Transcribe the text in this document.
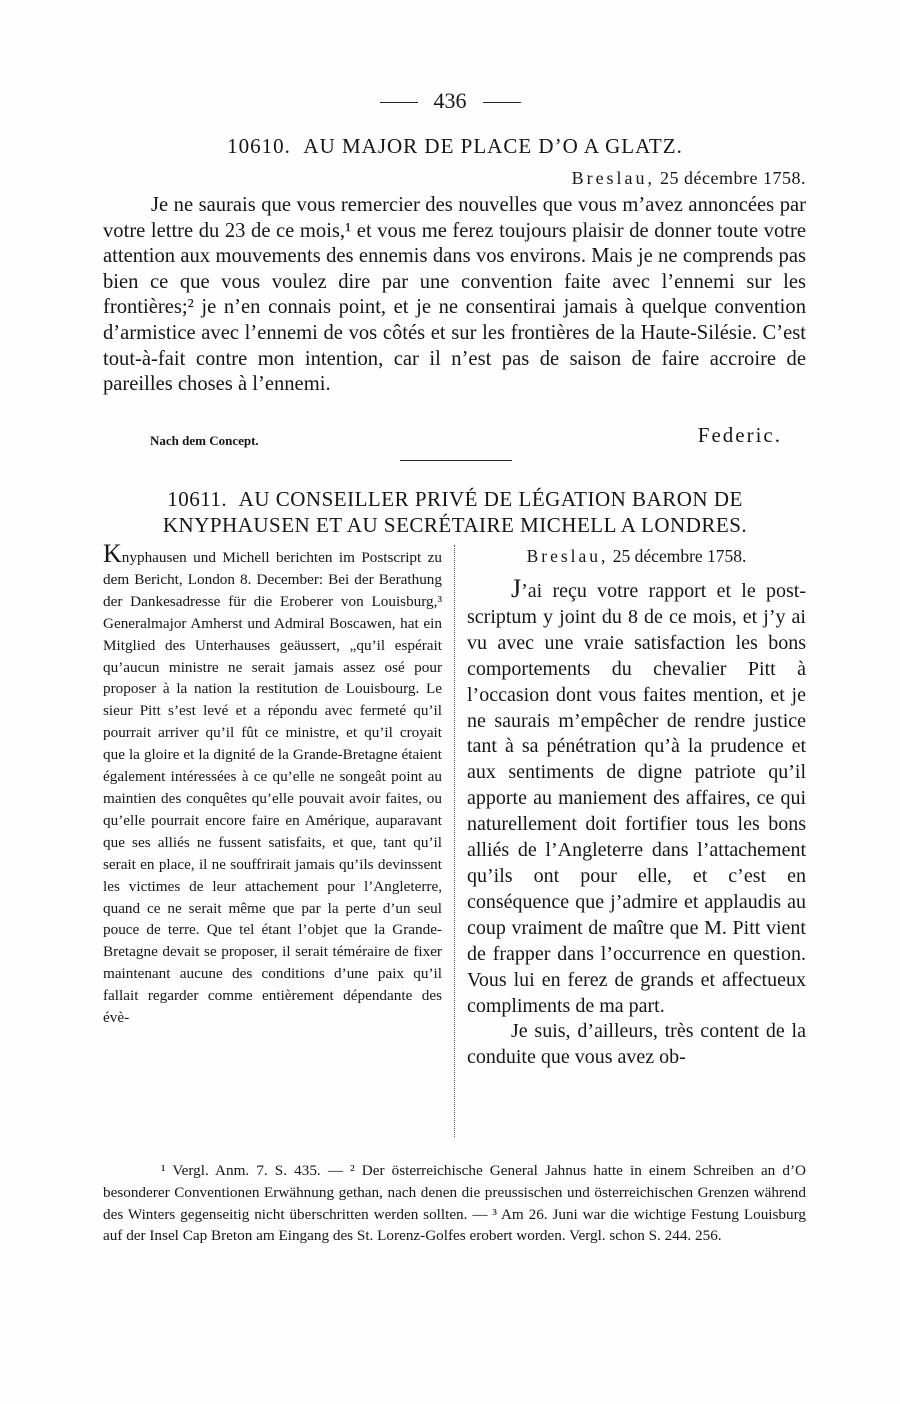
436
10610. AU MAJOR DE PLACE D’O A GLATZ.
Breslau, 25 décembre 1758.

Je ne saurais que vous remercier des nouvelles que vous m’avez annoncées par votre lettre du 23 de ce mois,¹ et vous me ferez toujours plaisir de donner toute votre attention aux mouvements des ennemis dans vos environs. Mais je ne comprends pas bien ce que vous voulez dire par une convention faite avec l’ennemi sur les frontières;² je n’en connais point, et je ne consentirai jamais à quelque convention d’armistice avec l’ennemi de vos côtés et sur les frontières de la Haute-Silésie. C’est tout-à-fait contre mon intention, car il n’est pas de saison de faire accroire de pareilles choses à l’ennemi.

Nach dem Concept.	Federic.
10611. AU CONSEILLER PRIVÉ DE LÉGATION BARON DE
KNYPHAUSEN ET AU SECRÉTAIRE MICHELL A LONDRES.

Knyphausen und Michell berichten im Postscript zu dem Bericht, London 8. December: Bei der Berathung der Dankesadresse für die Eroberer von Louisburg,³ Generalmajor Amherst und Admiral Boscawen, hat ein Mitglied des Unterhauses geäussert, „qu’il espérait qu’aucun ministre ne serait jamais assez osé pour proposer à la nation la restitution de Louisbourg. Le sieur Pitt s’est levé et a répondu avec fermeté qu’il pourrait arriver qu’il fût ce ministre, et qu’il croyait que la gloire et la dignité de la Grande-Bretagne étaient également intéressées à ce qu’elle ne songeât point au maintien des conquêtes qu’elle pouvait avoir faites, ou qu’elle pourrait encore faire en Amérique, auparavant que ses alliés ne fussent satisfaits, et que, tant qu’il serait en place, il ne souffrirait jamais qu’ils devinssent les victimes de leur attachement pour l’Angleterre, quand ce ne serait même que par la perte d’un seul pouce de terre. Que tel étant l’objet que la Grande-Bretagne devait se proposer, il serait téméraire de fixer maintenant aucune des conditions d’une paix qu’il fallait regarder comme entièrement dépendante des évè-

Breslau, 25 décembre 1758.

J’ai reçu votre rapport et le post-scriptum y joint du 8 de ce mois, et j’y ai vu avec une vraie satisfaction les bons comportements du chevalier Pitt à l’occasion dont vous faites mention, et je ne saurais m’empêcher de rendre justice tant à sa pénétration qu’à la prudence et aux sentiments de digne patriote qu’il apporte au maniement des affaires, ce qui naturellement doit fortifier tous les bons alliés de l’Angleterre dans l’attachement qu’ils ont pour elle, et c’est en conséquence que j’admire et applaudis au coup vraiment de maître que M. Pitt vient de frapper dans l’occurrence en question. Vous lui en ferez de grands et affectueux compliments de ma part.

Je suis, d’ailleurs, très content de la conduite que vous avez ob-

¹ Vergl. Anm. 7. S. 435. — ² Der österreichische General Jahnus hatte in einem Schreiben an d’O besonderer Conventionen Erwähnung gethan, nach denen die preussischen und österreichischen Grenzen während des Winters gegenseitig nicht überschritten werden sollten. — ³ Am 26. Juni war die wichtige Festung Louisburg auf der Insel Cap Breton am Eingang des St. Lorenz-Golfes erobert worden. Vergl. schon S. 244. 256.
